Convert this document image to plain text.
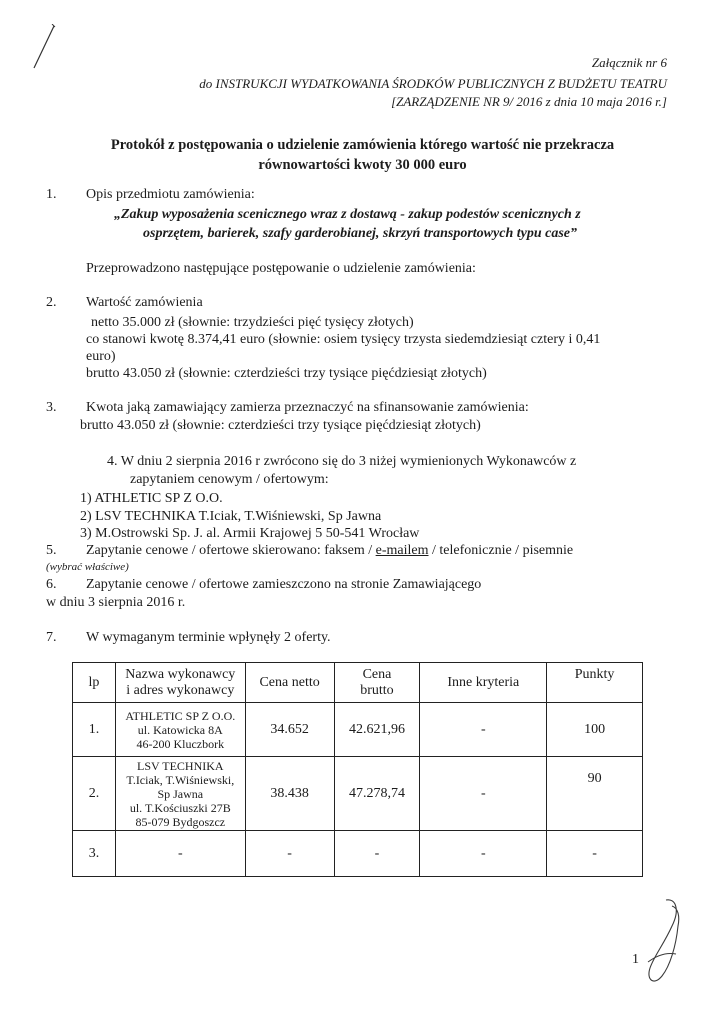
Załącznik nr 6
do INSTRUKCJI WYDATKOWANIA ŚRODKÓW PUBLICZNYCH Z BUDŻETU TEATRU
[ZARZĄDZENIE NR 9/ 2016 z dnia 10 maja 2016 r.]
Protokół z postępowania o udzielenie zamówienia którego wartość nie przekracza
równowartości kwoty 30 000 euro
1. Opis przedmiotu zamówienia:
„Zakup wyposażenia scenicznego wraz z dostawą - zakup podestów scenicznych z
osprzętem, barierek, szafy garderobianej, skrzyń transportowych typu case”
Przeprowadzono następujące postępowanie o udzielenie zamówienia:
2. Wartość zamówienia
netto 35.000 zł (słownie: trzydzieści pięć tysięcy złotych)
co stanowi kwotę 8.374,41 euro (słownie: osiem tysięcy trzysta siedemdziesiąt cztery i 0,41
euro)
brutto 43.050 zł (słownie: czterdzieści trzy tysiące pięćdziesiąt złotych)
3. Kwota jaką zamawiający zamierza przeznaczyć na sfinansowanie zamówienia:
brutto 43.050 zł (słownie: czterdzieści trzy tysiące pięćdziesiąt złotych)
4. W dniu 2 sierpnia 2016 r zwrócono się do 3 niżej wymienionych Wykonawców z
zapytaniem cenowym / ofertowym:
1) ATHLETIC SP Z O.O.
2) LSV TECHNIKA T.Iciak, T.Wiśniewski, Sp Jawna
3) M.Ostrowski Sp. J. al. Armii Krajowej 5 50-541 Wrocław
5. Zapytanie cenowe / ofertowe skierowano: faksem / e-mailem / telefonicznie / pisemnie
(wybrać właściwe)
6. Zapytanie cenowe / ofertowe zamieszczono na stronie Zamawiającego
w dniu 3 sierpnia 2016 r.
7. W wymaganym terminie wpłynęły 2 oferty.
lp	Nazwa wykonawcy
i adres wykonawcy	Cena netto	Cena
brutto	Inne kryteria	Punkty
1.	ATHLETIC SP Z O.O.
ul. Katowicka 8A
46-200 Kluczbork	34.652	42.621,96	-	100
2.	LSV TECHNIKA
T.Iciak, T.Wiśniewski,
Sp Jawna
ul. T.Kościuszki 27B
85-079 Bydgoszcz	38.438	47.278,74	-	90
3.	-	-	-	-	-
1
